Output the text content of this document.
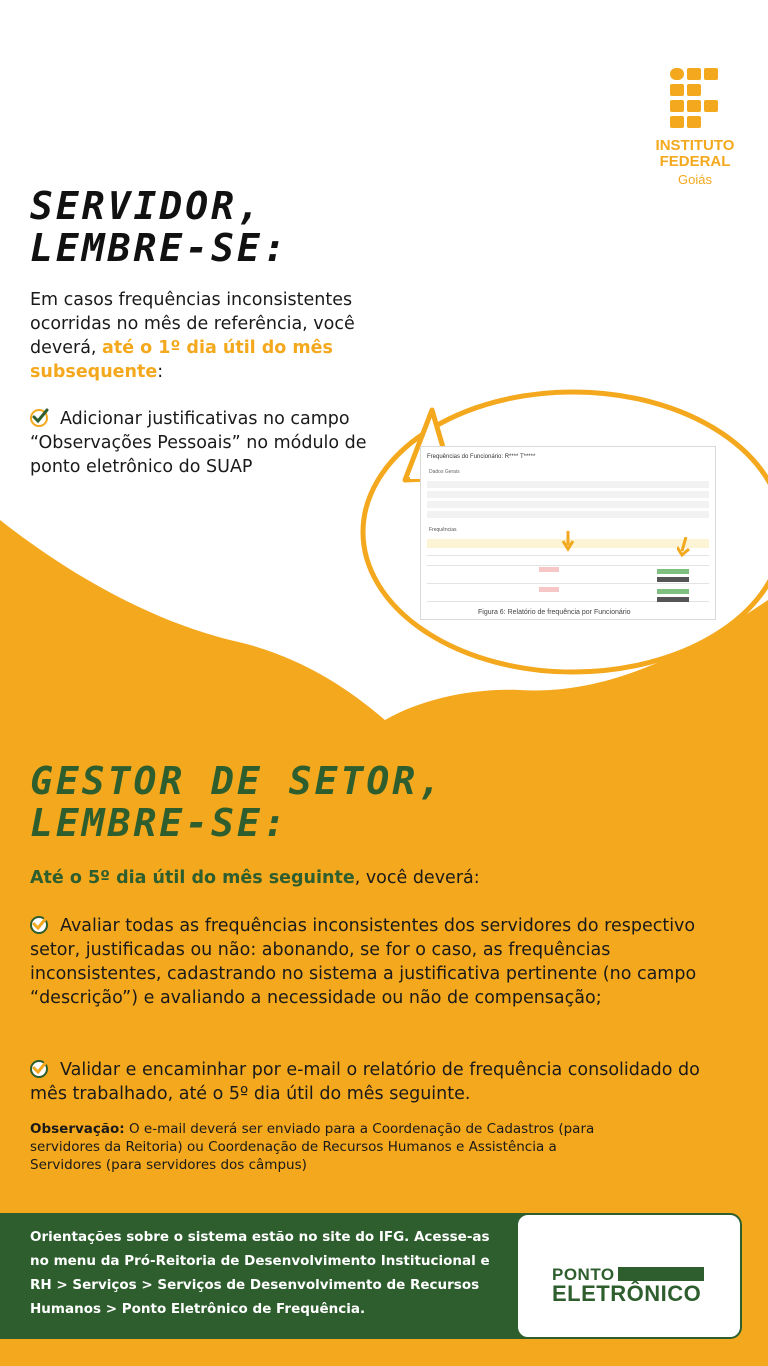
INSTITUTO
FEDERAL
Goiás
SERVIDOR,
LEMBRE-SE:
Em casos frequências inconsistentes ocorridas no mês de referência, você deverá, até o 1º dia útil do mês subsequente:
Adicionar justificativas no campo “Observações Pessoais” no módulo de ponto eletrônico do SUAP	Frequências do Funcionário: R**** T*****
Dados Gerais
Frequências
Figura 6: Relatório de frequência por Funcionário
GESTOR DE SETOR,
LEMBRE-SE:
Até o 5º dia útil do mês seguinte, você deverá:
Avaliar todas as frequências inconsistentes dos servidores do respectivo setor, justificadas ou não: abonando, se for o caso, as frequências inconsistentes, cadastrando no sistema a justificativa pertinente (no campo “descrição”) e avaliando a necessidade ou não de compensação;
Validar e encaminhar por e-mail o relatório de frequência consolidado do mês trabalhado, até o 5º dia útil do mês seguinte.
Observação: O e-mail deverá ser enviado para a Coordenação de Cadastros (para servidores da Reitoria) ou Coordenação de Recursos Humanos e Assistência a Servidores (para servidores dos câmpus)
Orientações sobre o sistema estão no site do IFG. Acesse-as no menu da Pró-Reitoria de Desenvolvimento Institucional e RH > Serviços > Serviços de Desenvolvimento de Recursos Humanos > Ponto Eletrônico de Frequência.
PONTO
ELETRÔNICO
